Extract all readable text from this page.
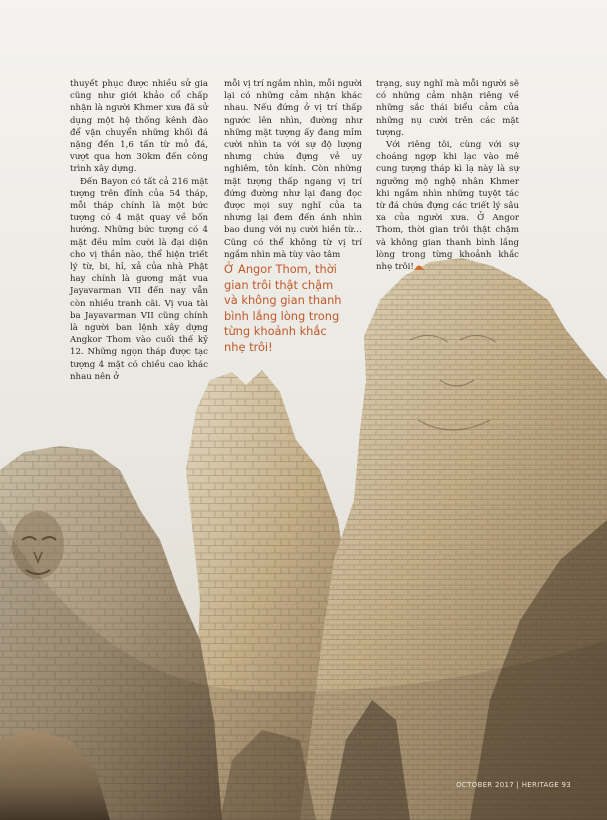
thuyết phục được nhiều sử gia cũng như giới khảo cổ chấp nhận là người Khmer xưa đã sử dụng một hệ thống kênh đào để vận chuyển những khối đá nặng đến 1,6 tấn từ mỏ đá, vượt qua hơn 30km đến công trình xây dựng.

Đến Bayon có tất cả 216 mặt tượng trên đỉnh của 54 tháp, mỗi tháp chính là một bức tượng có 4 mặt quay về bốn hướng. Những bức tượng có 4 mặt đều mỉm cười là đại diện cho vị thần nào, thể hiện triết lý từ, bi, hỉ, xả của nhà Phật hay chính là gương mặt vua Jayavarman VII đến nay vẫn còn nhiều tranh cãi. Vị vua tài ba Jayavarman VII cũng chính là người ban lệnh xây dựng Angkor Thom vào cuối thế kỷ 12. Những ngọn tháp được tạc tượng 4 mặt có chiều cao khác nhau nên ở

mỗi vị trí ngắm nhìn, mỗi người lại có những cảm nhận khác nhau. Nếu đứng ở vị trí thấp ngước lên nhìn, đường như những mặt tượng ấy đang mỉm cười nhìn ta với sự độ lượng nhưng chứa đựng vẻ uy nghiêm, tôn kính. Còn những mặt tượng thấp ngang vị trí đứng đường như lại đang đọc được mọi suy nghĩ của ta nhưng lại đem đến ánh nhìn bao dung với nụ cười hiền từ… Cũng có thể không từ vị trí ngắm nhìn mà tùy vào tâm

trạng, suy nghĩ mà mỗi người sẽ có những cảm nhận riêng về những sắc thái biểu cảm của những nụ cười trên các mặt tượng.

Với riêng tôi, cùng với sự choáng ngợp khi lạc vào mê cung tượng tháp kì lạ này là sự ngưỡng mộ nghệ nhân Khmer khi ngắm nhìn những tuyệt tác từ đá chứa đựng các triết lý sâu xa của người xưa. Ở Angor Thom, thời gian trôi thật chậm và không gian thanh bình lắng lòng trong từng khoảnh khắc nhẹ trôi!

Ở Angor Thom, thời gian trôi thật chậm và không gian thanh bình lắng lòng trong từng khoảnh khắc nhẹ trôi!
OCTOBER 2017 | HERITAGE 93
